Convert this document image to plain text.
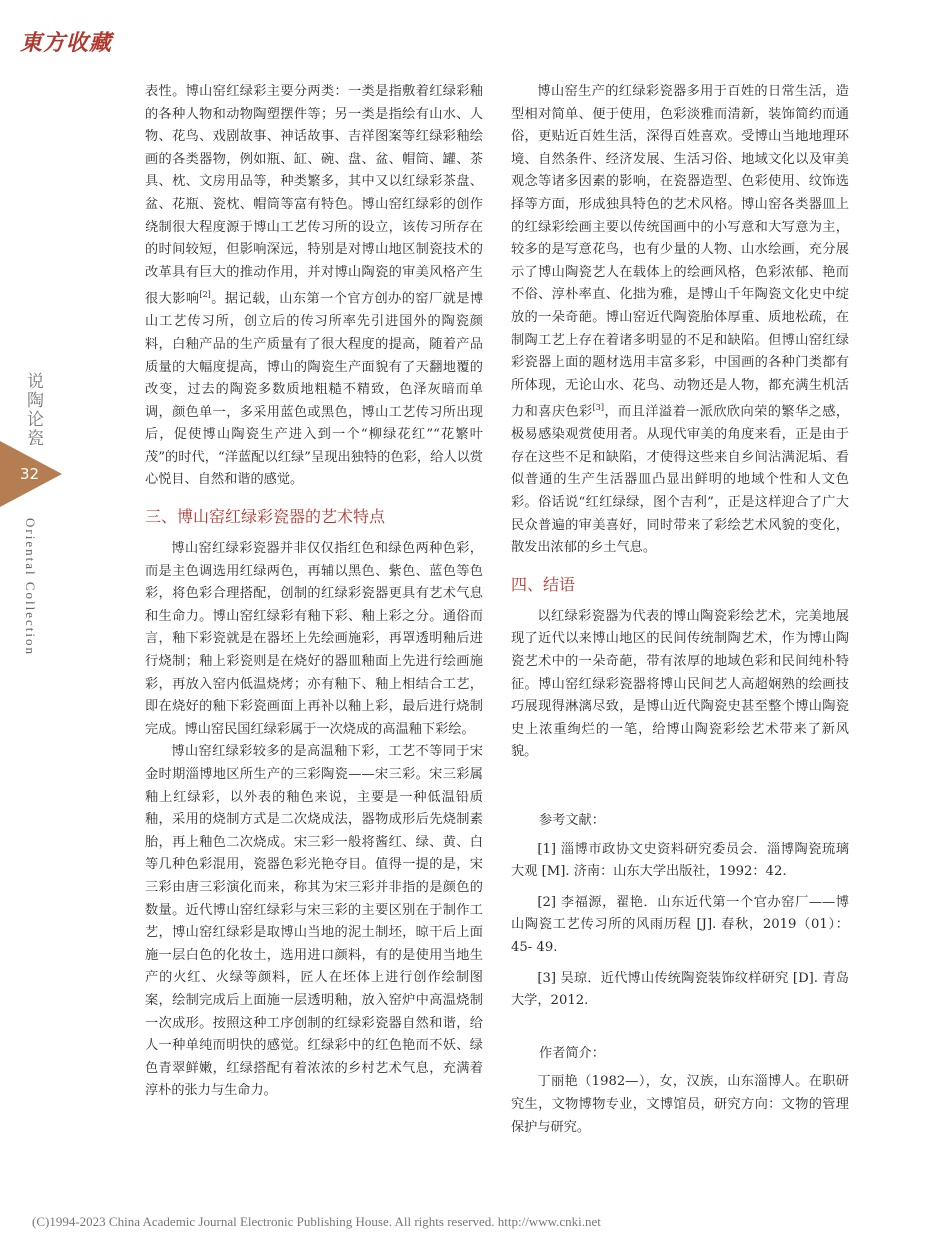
東方收藏
说陶论瓷
32
Oriental Collection

表性。博山窑红绿彩主要分两类：一类是指敷着红绿彩釉的各种人物和动物陶塑摆件等；另一类是指绘有山水、人物、花鸟、戏剧故事、神话故事、吉祥图案等红绿彩釉绘画的各类器物，例如瓶、缸、碗、盘、盆、帽筒、罐、茶具、枕、文房用品等，种类繁多，其中又以红绿彩茶盘、盆、花瓶、瓷枕、帽筒等富有特色。博山窑红绿彩的创作绕制很大程度源于博山工艺传习所的设立，该传习所存在的时间较短，但影响深远，特别是对博山地区制瓷技术的改革具有巨大的推动作用，并对博山陶瓷的审美风格产生很大影响[2]。据记载，山东第一个官方创办的窑厂就是博山工艺传习所，创立后的传习所率先引进国外的陶瓷颜料，白釉产品的生产质量有了很大程度的提高，随着产品质量的大幅度提高，博山的陶瓷生产面貌有了天翻地覆的改变，过去的陶瓷多数质地粗糙不精致，色泽灰暗而单调，颜色单一，多采用蓝色或黑色，博山工艺传习所出现后，促使博山陶瓷生产进入到一个“柳绿花红”“花繁叶茂”的时代，“洋蓝配以红绿”呈现出独特的色彩，给人以赏心悦目、自然和谐的感觉。

三、博山窑红绿彩瓷器的艺术特点

博山窑红绿彩瓷器并非仅仅指红色和绿色两种色彩，而是主色调选用红绿两色，再辅以黑色、紫色、蓝色等色彩，将色彩合理搭配，创制的红绿彩瓷器更具有艺术气息和生命力。博山窑红绿彩有釉下彩、釉上彩之分。通俗而言，釉下彩瓷就是在器坯上先绘画施彩，再罩透明釉后进行烧制；釉上彩瓷则是在烧好的器皿釉面上先进行绘画施彩，再放入窑内低温烧烤；亦有釉下、釉上相结合工艺，即在烧好的釉下彩瓷画面上再补以釉上彩，最后进行烧制完成。博山窑民国红绿彩属于一次烧成的高温釉下彩绘。

博山窑红绿彩较多的是高温釉下彩，工艺不等同于宋金时期淄博地区所生产的三彩陶瓷——宋三彩。宋三彩属釉上红绿彩，以外表的釉色来说，主要是一种低温铅质釉，采用的烧制方式是二次烧成法，器物成形后先烧制素胎，再上釉色二次烧成。宋三彩一般将酱红、绿、黄、白等几种色彩混用，瓷器色彩光艳夺目。值得一提的是，宋三彩由唐三彩演化而来，称其为宋三彩并非指的是颜色的数量。近代博山窑红绿彩与宋三彩的主要区别在于制作工艺，博山窑红绿彩是取博山当地的泥土制坯，晾干后上面施一层白色的化妆土，选用进口颜料，有的是使用当地生产的火红、火绿等颜料，匠人在坯体上进行创作绘制图案，绘制完成后上面施一层透明釉，放入窑炉中高温烧制一次成形。按照这种工序创制的红绿彩瓷器自然和谐，给人一种单纯而明快的感觉。红绿彩中的红色艳而不妖、绿色青翠鲜嫩，红绿搭配有着浓浓的乡村艺术气息，充满着淳朴的张力与生命力。

博山窑生产的红绿彩瓷器多用于百姓的日常生活，造型相对简单、便于使用，色彩淡雅而清新，装饰简约而通俗，更贴近百姓生活，深得百姓喜欢。受博山当地地理环境、自然条件、经济发展、生活习俗、地域文化以及审美观念等诸多因素的影响，在瓷器造型、色彩使用、纹饰选择等方面，形成独具特色的艺术风格。博山窑各类器皿上的红绿彩绘画主要以传统国画中的小写意和大写意为主，较多的是写意花鸟，也有少量的人物、山水绘画，充分展示了博山陶瓷艺人在载体上的绘画风格，色彩浓郁、艳而不俗、淳朴率直、化拙为雅，是博山千年陶瓷文化史中绽放的一朵奇葩。博山窑近代陶瓷胎体厚重、质地松疏，在制陶工艺上存在着诸多明显的不足和缺陷。但博山窑红绿彩瓷器上面的题材选用丰富多彩，中国画的各种门类都有所体现，无论山水、花鸟、动物还是人物，都充满生机活力和喜庆色彩[3]，而且洋溢着一派欣欣向荣的繁华之感，极易感染观赏使用者。从现代审美的角度来看，正是由于存在这些不足和缺陷，才使得这些来自乡间沾满泥垢、看似普通的生产生活器皿凸显出鲜明的地域个性和人文色彩。俗话说“红红绿绿，图个吉利”，正是这样迎合了广大民众普遍的审美喜好，同时带来了彩绘艺术风貌的变化，散发出浓郁的乡土气息。

四、结语

以红绿彩瓷器为代表的博山陶瓷彩绘艺术，完美地展现了近代以来博山地区的民间传统制陶艺术，作为博山陶瓷艺术中的一朵奇葩，带有浓厚的地域色彩和民间纯朴特征。博山窑红绿彩瓷器将博山民间艺人高超娴熟的绘画技巧展现得淋漓尽致，是博山近代陶瓷史甚至整个博山陶瓷史上浓重绚烂的一笔，给博山陶瓷彩绘艺术带来了新风貌。

参考文献：
[1] 淄博市政协文史资料研究委员会．淄博陶瓷琉璃大观 [M]. 济南：山东大学出版社，1992：42.
[2] 李福源，翟艳．山东近代第一个官办窑厂——博山陶瓷工艺传习所的风雨历程 [J]. 春秋，2019（01）：45- 49.
[3] 吴琼．近代博山传统陶瓷装饰纹样研究 [D]. 青岛大学，2012.
作者简介：

丁丽艳（1982—），女，汉族，山东淄博人。在职研究生，文物博物专业，文博馆员，研究方向：文物的管理保护与研究。

(C)1994-2023 China Academic Journal Electronic Publishing House. All rights reserved. http://www.cnki.net
